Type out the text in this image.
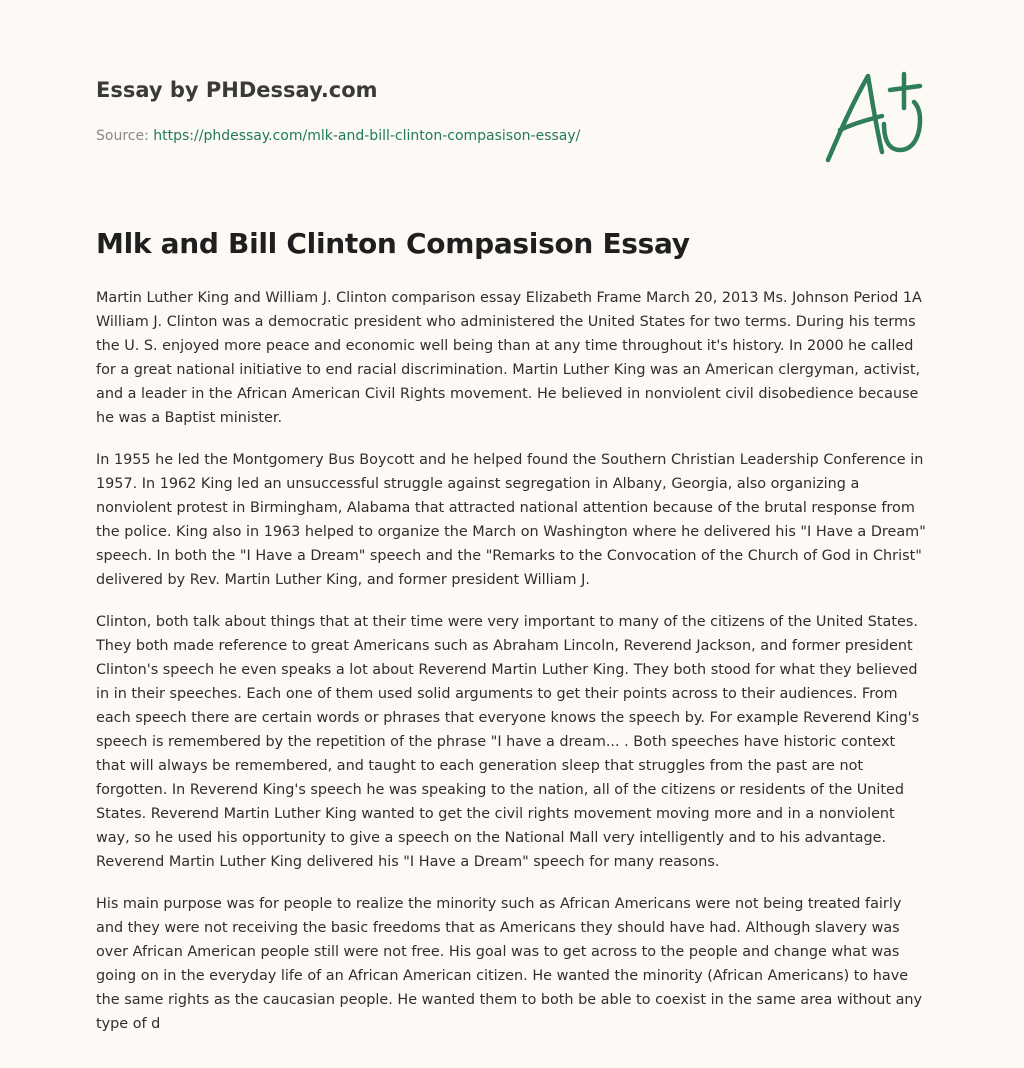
Essay by PHDessay.com
Source: https://phdessay.com/mlk-and-bill-clinton-compasison-essay/
Mlk and Bill Clinton Compasison Essay

Martin Luther King and William J. Clinton comparison essay Elizabeth Frame March 20, 2013 Ms. Johnson Period 1A William J. Clinton was a democratic president who administered the United States for two terms. During his terms the U. S. enjoyed more peace and economic well being than at any time throughout it's history. In 2000 he called for a great national initiative to end racial discrimination. Martin Luther King was an American clergyman, activist, and a leader in the African American Civil Rights movement. He believed in nonviolent civil disobedience because he was a Baptist minister.

In 1955 he led the Montgomery Bus Boycott and he helped found the Southern Christian Leadership Conference in 1957. In 1962 King led an unsuccessful struggle against segregation in Albany, Georgia, also organizing a nonviolent protest in Birmingham, Alabama that attracted national attention because of the brutal response from the police. King also in 1963 helped to organize the March on Washington where he delivered his "I Have a Dream" speech. In both the "I Have a Dream" speech and the "Remarks to the Convocation of the Church of God in Christ" delivered by Rev. Martin Luther King, and former president William J.

Clinton, both talk about things that at their time were very important to many of the citizens of the United States. They both made reference to great Americans such as Abraham Lincoln, Reverend Jackson, and former president Clinton's speech he even speaks a lot about Reverend Martin Luther King. They both stood for what they believed in in their speeches. Each one of them used solid arguments to get their points across to their audiences. From each speech there are certain words or phrases that everyone knows the speech by. For example Reverend King's speech is remembered by the repetition of the phrase "I have a dream... . Both speeches have historic context that will always be remembered, and taught to each generation sleep that struggles from the past are not forgotten. In Reverend King's speech he was speaking to the nation, all of the citizens or residents of the United States. Reverend Martin Luther King wanted to get the civil rights movement moving more and in a nonviolent way, so he used his opportunity to give a speech on the National Mall very intelligently and to his advantage. Reverend Martin Luther King delivered his "I Have a Dream" speech for many reasons.

His main purpose was for people to realize the minority such as African Americans were not being treated fairly and they were not receiving the basic freedoms that as Americans they should have had. Although slavery was over African American people still were not free. His goal was to get across to the people and change what was going on in the everyday life of an African American citizen. He wanted the minority (African Americans) to have the same rights as the caucasian people. He wanted them to both be able to coexist in the same area without any type of d
